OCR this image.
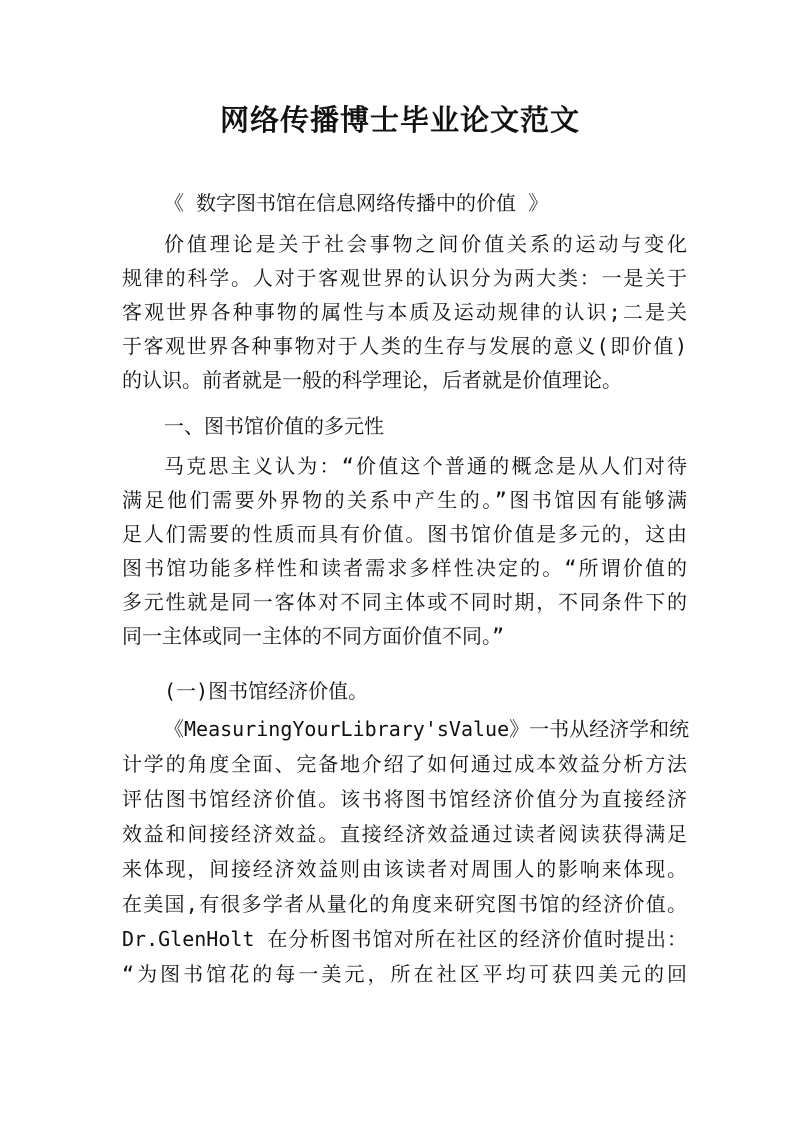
网络传播博士毕业论文范文
《 数字图书馆在信息网络传播中的价值 》
价值理论是关于社会事物之间价值关系的运动与变化
规律的科学。人对于客观世界的认识分为两大类：一是关于
客观世界各种事物的属性与本质及运动规律的认识;二是关
于客观世界各种事物对于人类的生存与发展的意义(即价值)
的认识。前者就是一般的科学理论，后者就是价值理论。
一、图书馆价值的多元性
马克思主义认为：“价值这个普通的概念是从人们对待
满足他们需要外界物的关系中产生的。”图书馆因有能够满
足人们需要的性质而具有价值。图书馆价值是多元的，这由
图书馆功能多样性和读者需求多样性决定的。“所谓价值的
多元性就是同一客体对不同主体或不同时期，不同条件下的
同一主体或同一主体的不同方面价值不同。”
(一)图书馆经济价值。
《MeasuringYourLibrary'sValue》一书从经济学和统
计学的角度全面、完备地介绍了如何通过成本效益分析方法
评估图书馆经济价值。该书将图书馆经济价值分为直接经济
效益和间接经济效益。直接经济效益通过读者阅读获得满足
来体现，间接经济效益则由该读者对周围人的影响来体现。
在美国,有很多学者从量化的角度来研究图书馆的经济价值。
Dr.GlenHolt 在分析图书馆对所在社区的经济价值时提出：
“为图书馆花的每一美元，所在社区平均可获四美元的回
